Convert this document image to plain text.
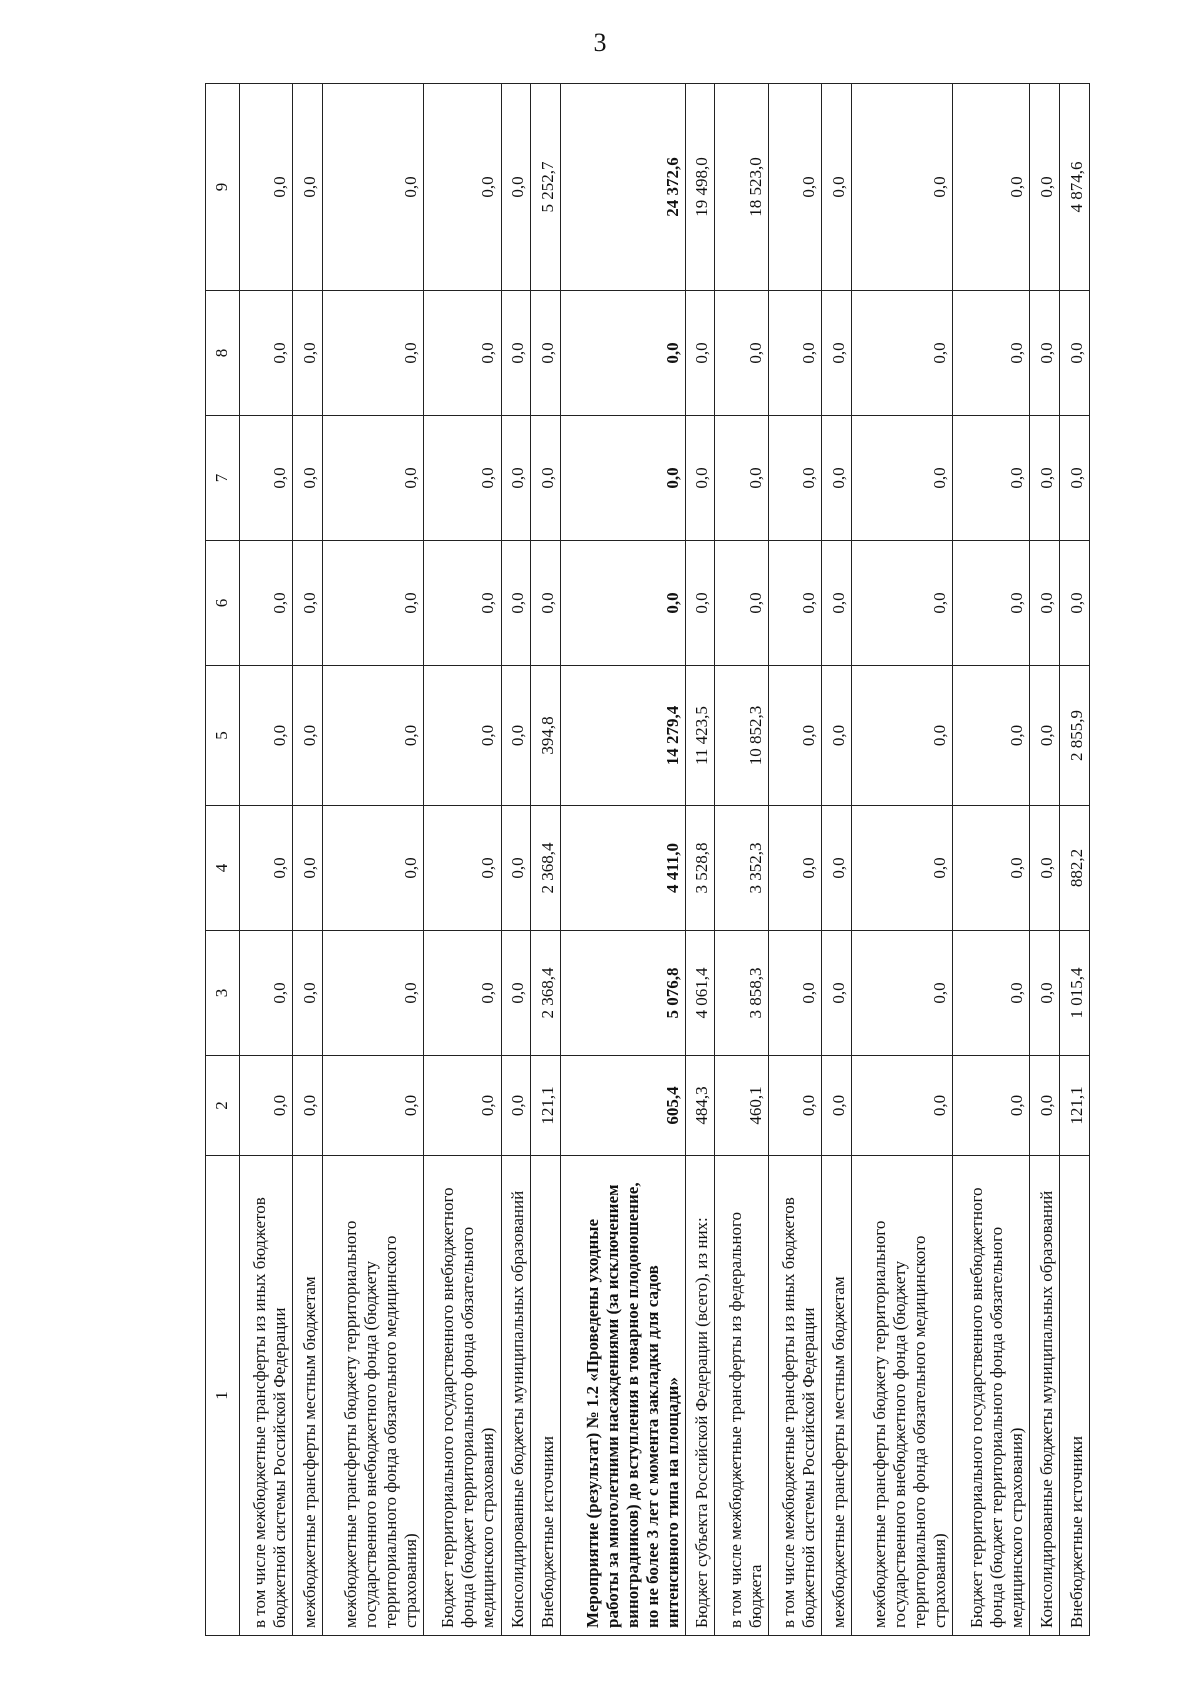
3
1	2	3	4	5	6	7	8	9
в том числе межбюджетные трансферты из иных бюджетов бюджетной системы Российской Федерации	0,0	0,0	0,0	0,0	0,0	0,0	0,0	0,0
межбюджетные трансферты местным бюджетам	0,0	0,0	0,0	0,0	0,0	0,0	0,0	0,0
межбюджетные трансферты бюджету территориального государственного внебюджетного фонда (бюджету территориального фонда обязательного медицинского страхования)	0,0	0,0	0,0	0,0	0,0	0,0	0,0	0,0
Бюджет территориального государственного внебюджетного фонда (бюджет территориального фонда обязательного медицинского страхования)	0,0	0,0	0,0	0,0	0,0	0,0	0,0	0,0
Консолидированные бюджеты муниципальных образований	0,0	0,0	0,0	0,0	0,0	0,0	0,0	0,0
Внебюджетные источники	121,1	2 368,4	2 368,4	394,8	0,0	0,0	0,0	5 252,7
Мероприятие (результат) № 1.2 «Проведены уходные работы за многолетними насаждениями (за исключением виноградников) до вступления в товарное плодоношение, но не более 3 лет с момента закладки для садов интенсивного типа на площади»	605,4	5 076,8	4 411,0	14 279,4	0,0	0,0	0,0	24 372,6
Бюджет субъекта Российской Федерации (всего), из них:	484,3	4 061,4	3 528,8	11 423,5	0,0	0,0	0,0	19 498,0
в том числе межбюджетные трансферты из федерального бюджета	460,1	3 858,3	3 352,3	10 852,3	0,0	0,0	0,0	18 523,0
в том числе межбюджетные трансферты из иных бюджетов бюджетной системы Российской Федерации	0,0	0,0	0,0	0,0	0,0	0,0	0,0	0,0
межбюджетные трансферты местным бюджетам	0,0	0,0	0,0	0,0	0,0	0,0	0,0	0,0
межбюджетные трансферты бюджету территориального государственного внебюджетного фонда (бюджету территориального фонда обязательного медицинского страхования)	0,0	0,0	0,0	0,0	0,0	0,0	0,0	0,0
Бюджет территориального государственного внебюджетного фонда (бюджет территориального фонда обязательного медицинского страхования)	0,0	0,0	0,0	0,0	0,0	0,0	0,0	0,0
Консолидированные бюджеты муниципальных образований	0,0	0,0	0,0	0,0	0,0	0,0	0,0	0,0
Внебюджетные источники	121,1	1 015,4	882,2	2 855,9	0,0	0,0	0,0	4 874,6
